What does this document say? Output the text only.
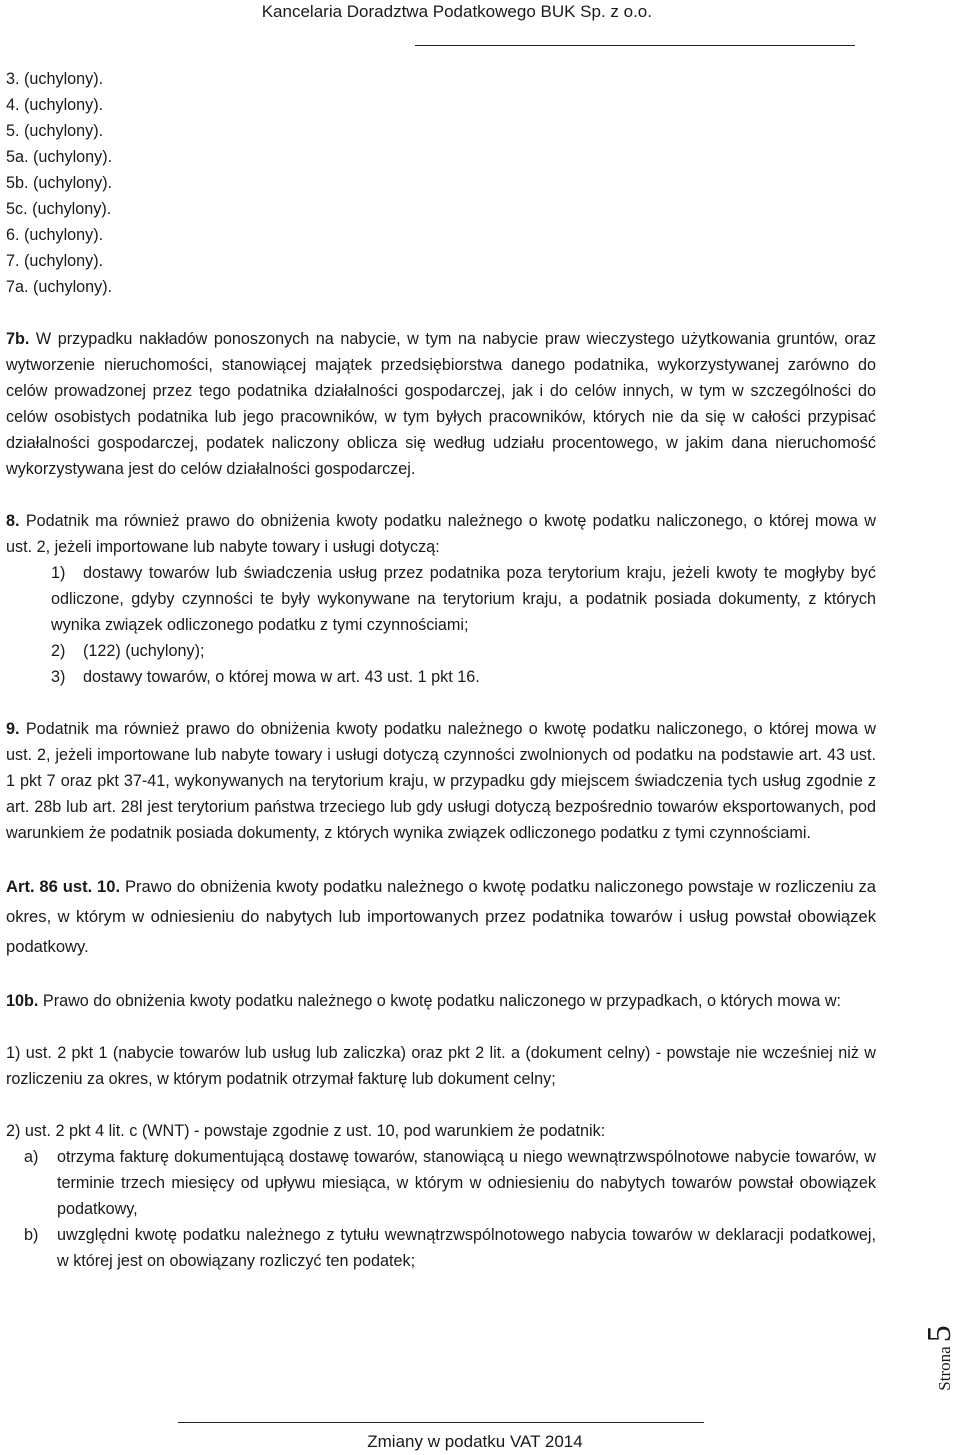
Kancelaria Doradztwa Podatkowego BUK Sp. z o.o.
3. (uchylony).
4. (uchylony).
5. (uchylony).
5a. (uchylony).
5b. (uchylony).
5c. (uchylony).
6. (uchylony).
7. (uchylony).
7a. (uchylony).

7b. W przypadku nakładów ponoszonych na nabycie, w tym na nabycie praw wieczystego użytkowania gruntów, oraz wytworzenie nieruchomości, stanowiącej majątek przedsiębiorstwa danego podatnika, wykorzystywanej zarówno do celów prowadzonej przez tego podatnika działalności gospodarczej, jak i do celów innych, w tym w szczególności do celów osobistych podatnika lub jego pracowników, w tym byłych pracowników, których nie da się w całości przypisać działalności gospodarczej, podatek naliczony oblicza się według udziału procentowego, w jakim dana nieruchomość wykorzystywana jest do celów działalności gospodarczej.

8. Podatnik ma również prawo do obniżenia kwoty podatku należnego o kwotę podatku naliczonego, o której mowa w ust. 2, jeżeli importowane lub nabyte towary i usługi dotyczą:

1) dostawy towarów lub świadczenia usług przez podatnika poza terytorium kraju, jeżeli kwoty te mogłyby być odliczone, gdyby czynności te były wykonywane na terytorium kraju, a podatnik posiada dokumenty, z których wynika związek odliczonego podatku z tymi czynnościami;

2) (122) (uchylony);

3) dostawy towarów, o której mowa w art. 43 ust. 1 pkt 16.

9. Podatnik ma również prawo do obniżenia kwoty podatku należnego o kwotę podatku naliczonego, o której mowa w ust. 2, jeżeli importowane lub nabyte towary i usługi dotyczą czynności zwolnionych od podatku na podstawie art. 43 ust. 1 pkt 7 oraz pkt 37-41, wykonywanych na terytorium kraju, w przypadku gdy miejscem świadczenia tych usług zgodnie z art. 28b lub art. 28l jest terytorium państwa trzeciego lub gdy usługi dotyczą bezpośrednio towarów eksportowanych, pod warunkiem że podatnik posiada dokumenty, z których wynika związek odliczonego podatku z tymi czynnościami.

Art. 86 ust. 10. Prawo do obniżenia kwoty podatku należnego o kwotę podatku naliczonego powstaje w rozliczeniu za okres, w którym w odniesieniu do nabytych lub importowanych przez podatnika towarów i usług powstał obowiązek podatkowy.

10b. Prawo do obniżenia kwoty podatku należnego o kwotę podatku naliczonego w przypadkach, o których mowa w:

1) ust. 2 pkt 1 (nabycie towarów lub usług lub zaliczka) oraz pkt 2 lit. a (dokument celny) - powstaje nie wcześniej niż w rozliczeniu za okres, w którym podatnik otrzymał fakturę lub dokument celny;

2) ust. 2 pkt 4 lit. c (WNT) - powstaje zgodnie z ust. 10, pod warunkiem że podatnik:

a)	otrzyma fakturę dokumentującą dostawę towarów, stanowiącą u niego wewnątrzwspólnotowe nabycie towarów, w terminie trzech miesięcy od upływu miesiąca, w którym w odniesieniu do nabytych towarów powstał obowiązek podatkowy,
b)	uwzględni kwotę podatku należnego z tytułu wewnątrzwspólnotowego nabycia towarów w deklaracji podatkowej, w której jest on obowiązany rozliczyć ten podatek;
Strona5
Zmiany w podatku VAT 2014
